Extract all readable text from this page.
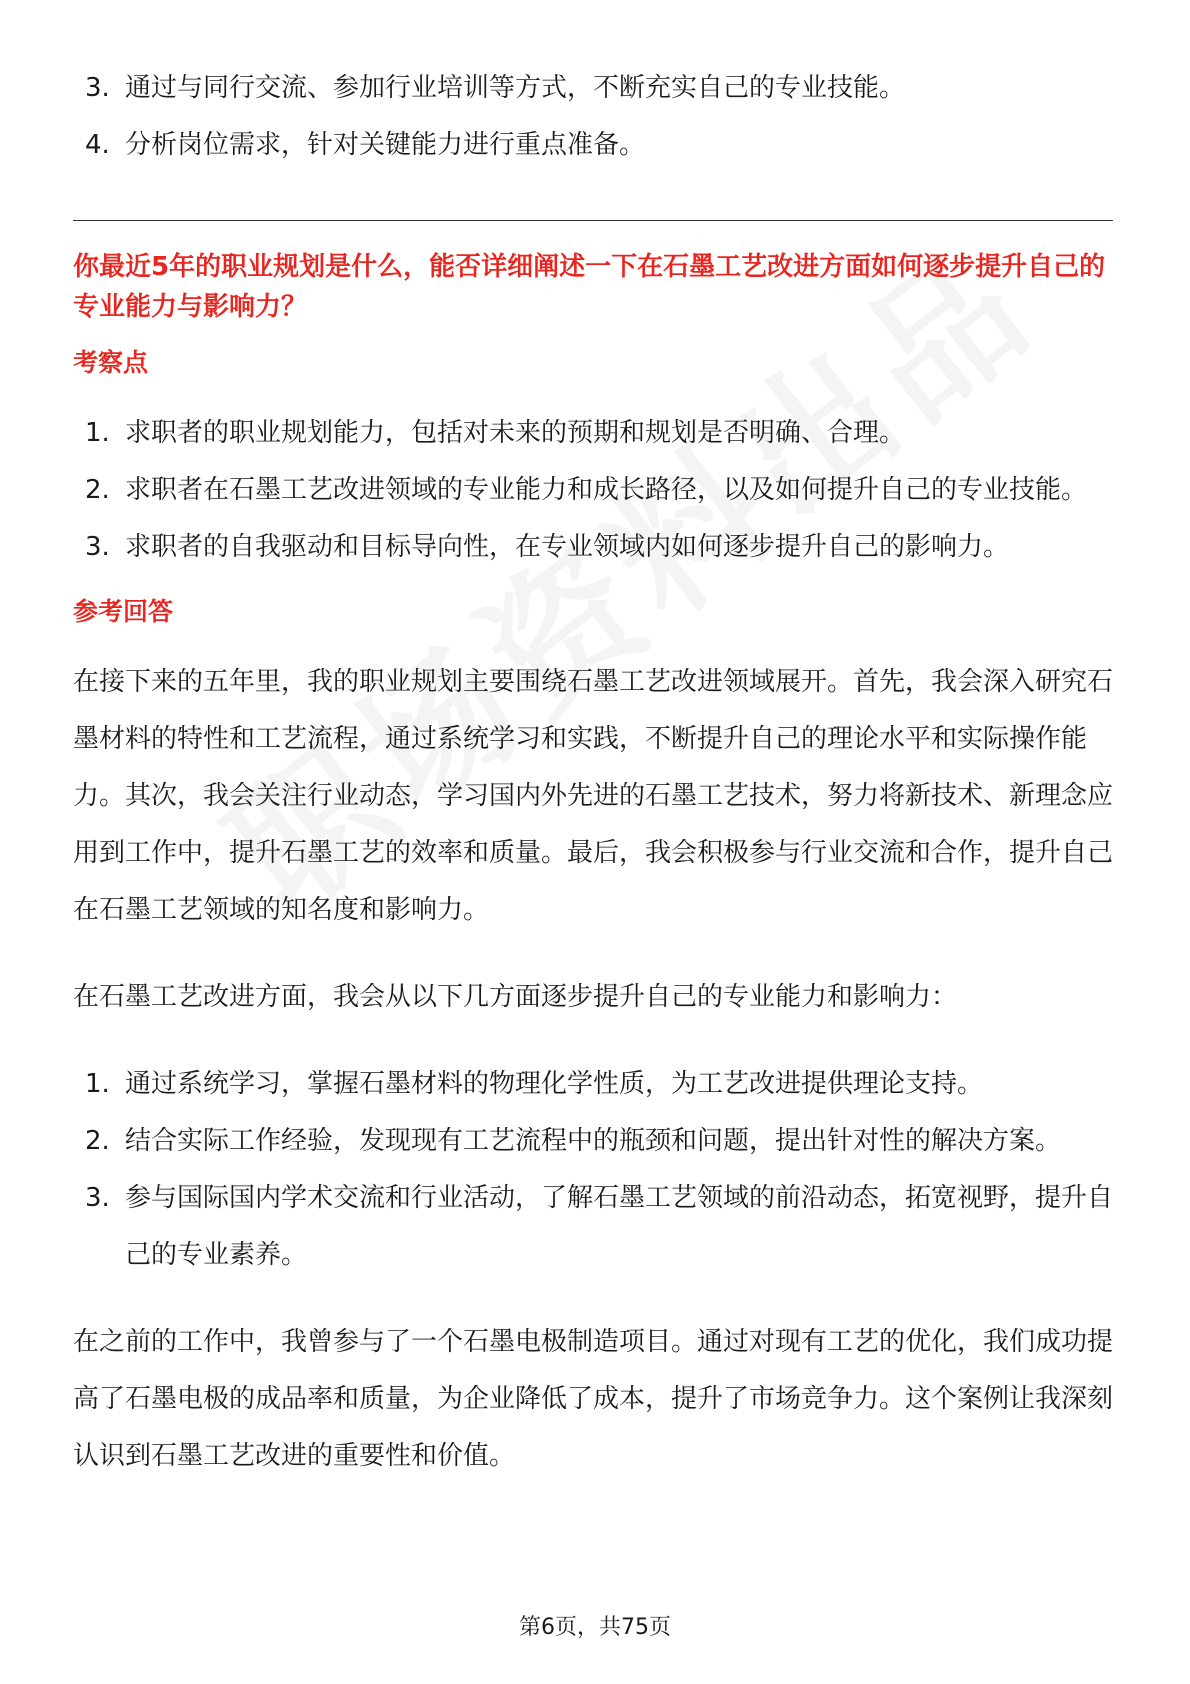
3. 通过与同行交流、参加行业培训等方式，不断充实自己的专业技能。
4. 分析岗位需求，针对关键能力进行重点准备。
你最近5年的职业规划是什么，能否详细阐述一下在石墨工艺改进方面如何逐步提升自己的专业能力与影响力？
考察点
1. 求职者的职业规划能力，包括对未来的预期和规划是否明确、合理。
2. 求职者在石墨工艺改进领域的专业能力和成长路径，以及如何提升自己的专业技能。
3. 求职者的自我驱动和目标导向性，在专业领域内如何逐步提升自己的影响力。
参考回答

在接下来的五年里，我的职业规划主要围绕石墨工艺改进领域展开。首先，我会深入研究石墨材料的特性和工艺流程，通过系统学习和实践，不断提升自己的理论水平和实际操作能力。其次，我会关注行业动态，学习国内外先进的石墨工艺技术，努力将新技术、新理念应用到工作中，提升石墨工艺的效率和质量。最后，我会积极参与行业交流和合作，提升自己在石墨工艺领域的知名度和影响力。

在石墨工艺改进方面，我会从以下几方面逐步提升自己的专业能力和影响力：

1. 通过系统学习，掌握石墨材料的物理化学性质，为工艺改进提供理论支持。
2. 结合实际工作经验，发现现有工艺流程中的瓶颈和问题，提出针对性的解决方案。
3. 参与国际国内学术交流和行业活动，了解石墨工艺领域的前沿动态，拓宽视野，提升自己的专业素养。

在之前的工作中，我曾参与了一个石墨电极制造项目。通过对现有工艺的优化，我们成功提高了石墨电极的成品率和质量，为企业降低了成本，提升了市场竞争力。这个案例让我深刻认识到石墨工艺改进的重要性和价值。

第6页，共75页
